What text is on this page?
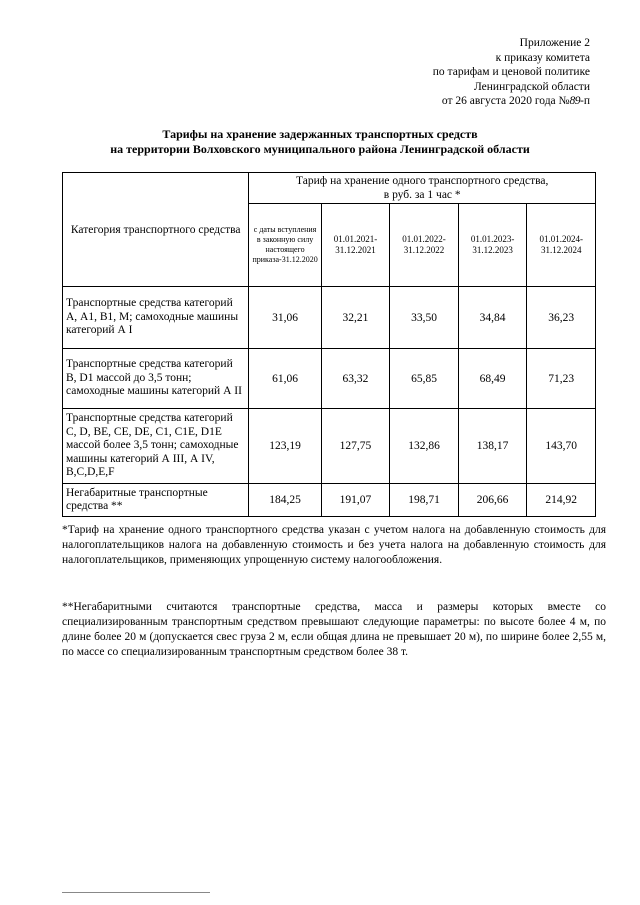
Приложение 2
к приказу комитета
по тарифам и ценовой политике
Ленинградской области
от 26 августа 2020 года №89-п
Тарифы на хранение задержанных транспортных средств
на территории Волховского муниципального района Ленинградской области
Категория транспортного средства	Тариф на хранение одного транспортного средства,
в руб. за 1 час *				

	с даты вступления в законную силу настоящего приказа-31.12.2020	01.01.2021-31.12.2021	01.01.2022-31.12.2022	01.01.2023-31.12.2023	01.01.2024-31.12.2024
Транспортные средства категорий А, А1, В1, М; самоходные машины категорий А I	31,06	32,21	33,50	34,84	36,23
Транспортные средства категорий В, D1 массой до 3,5 тонн; самоходные машины категорий А II	61,06	63,32	65,85	68,49	71,23
Транспортные средства категорий С, D, ВЕ, СЕ, DE, С1, С1Е, D1E массой более 3,5 тонн; самоходные машины категорий А III, А IV, B,C,D,E,F	123,19	127,75	132,86	138,17	143,70
Негабаритные транспортные средства **	184,25	191,07	198,71	206,66	214,92
*Тариф на хранение одного транспортного средства указан с учетом налога на добавленную стоимость для налогоплательщиков налога на добавленную стоимость и без учета налога на добавленную стоимость для налогоплательщиков, применяющих упрощенную систему налогообложения.
**Негабаритными считаются транспортные средства, масса и размеры которых вместе со специализированным транспортным средством превышают следующие параметры: по высоте более 4 м, по длине более 20 м (допускается свес груза 2 м, если общая длина не превышает 20 м), по ширине более 2,55 м, по массе со специализированным транспортным средством более 38 т.
